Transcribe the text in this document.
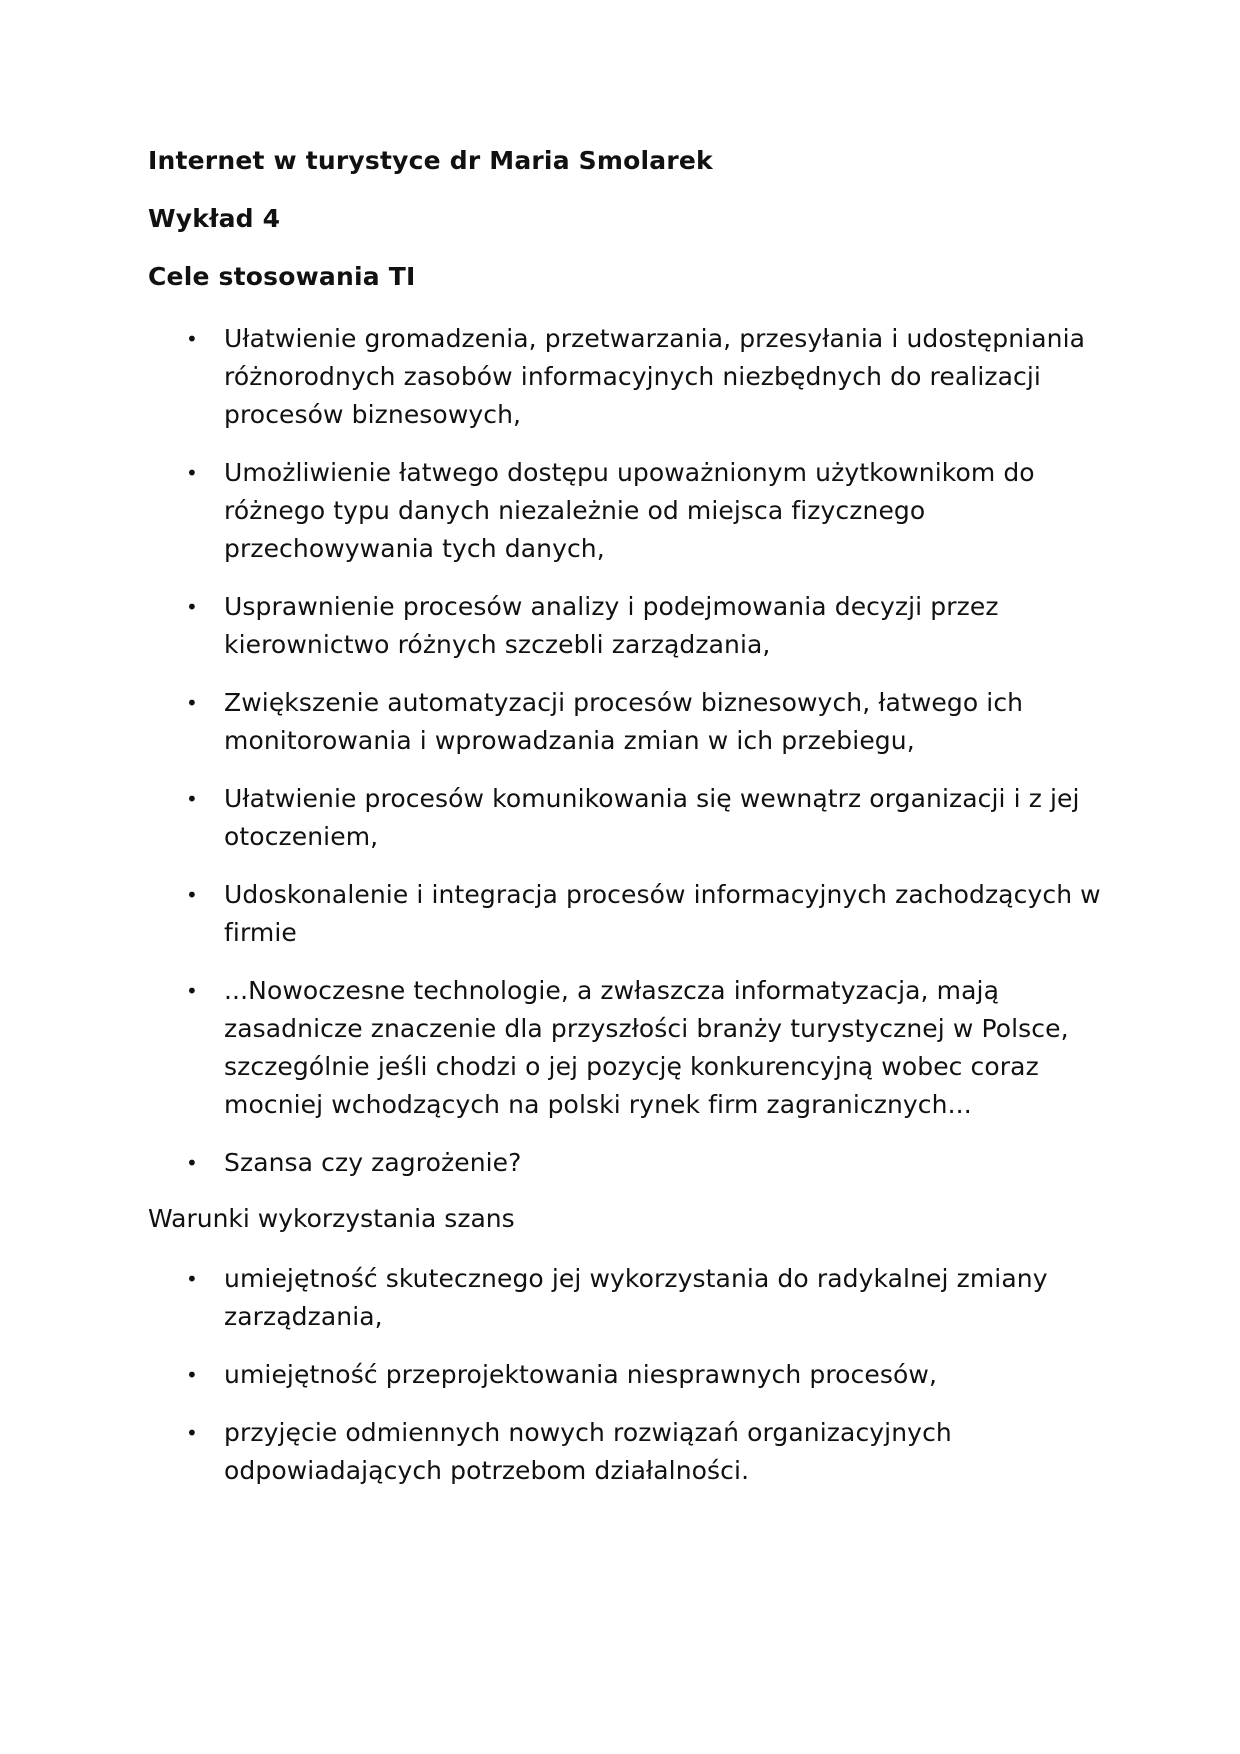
Internet w turystyce dr Maria Smolarek
Wykład 4
Cele stosowania TI
• Ułatwienie gromadzenia, przetwarzania, przesyłania i udostępniania różnorodnych zasobów informacyjnych niezbędnych do realizacji procesów biznesowych,
• Umożliwienie łatwego dostępu upoważnionym użytkownikom do różnego typu danych niezależnie od miejsca fizycznego przechowywania tych danych,
• Usprawnienie procesów analizy i podejmowania decyzji przez kierownictwo różnych szczebli zarządzania,
• Zwiększenie automatyzacji procesów biznesowych, łatwego ich monitorowania i wprowadzania zmian w ich przebiegu,
• Ułatwienie procesów komunikowania się wewnątrz organizacji i z jej otoczeniem,
• Udoskonalenie i integracja procesów informacyjnych zachodzących w firmie
• ...Nowoczesne technologie, a zwłaszcza informatyzacja, mają zasadnicze znaczenie dla przyszłości branży turystycznej w Polsce, szczególnie jeśli chodzi o jej pozycję konkurencyjną wobec coraz mocniej wchodzących na polski rynek firm zagranicznych...
• Szansa czy zagrożenie?
Warunki wykorzystania szans
• umiejętność skutecznego jej wykorzystania do radykalnej zmiany zarządzania,
• umiejętność przeprojektowania niesprawnych procesów,
• przyjęcie odmiennych nowych rozwiązań organizacyjnych odpowiadających potrzebom działalności.
